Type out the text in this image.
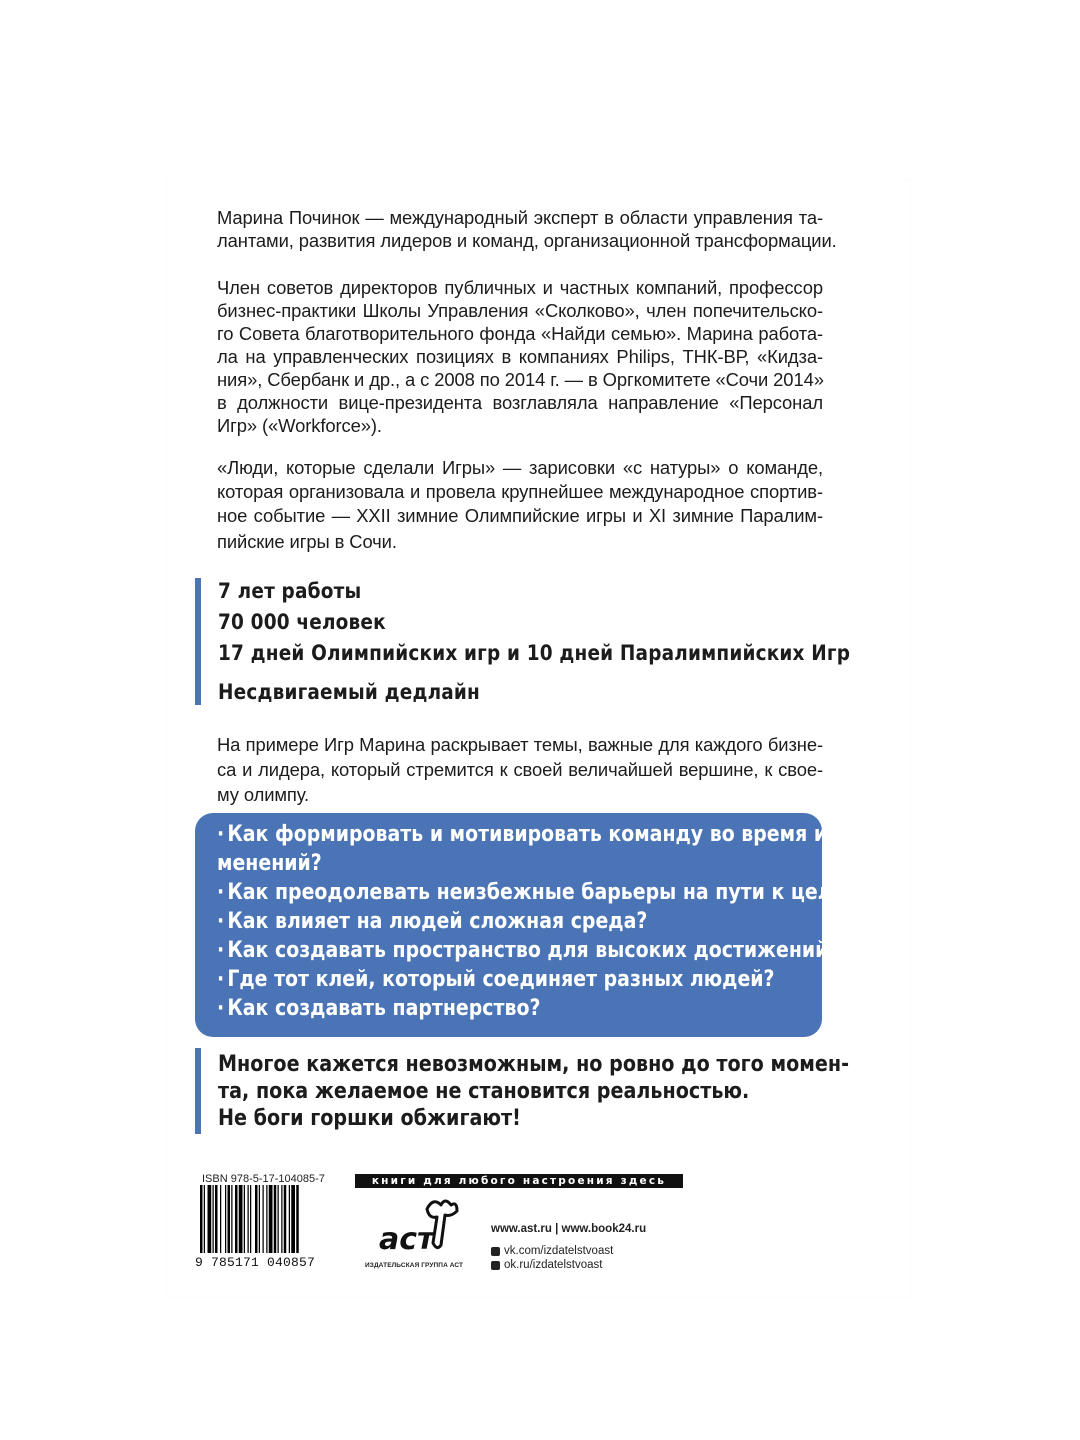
Марина Починок — международный эксперт в области управления та-
лантами, развития лидеров и команд, организационной трансформации.

Член советов директоров публичных и частных компаний, профессор
бизнес-практики Школы Управления «Сколково», член попечительско-
го Совета благотворительного фонда «Найди семью». Марина работа-
ла на управленческих позициях в компаниях Philips, ТНК-ВР, «Кидза-
ния», Сбербанк и др., а с 2008 по 2014 г. — в Оргкомитете «Сочи 2014»
в должности вице-президента возглавляла направление «Персонал
Игр» («Workforce»).

«Люди, которые сделали Игры» — зарисовки «с натуры» о команде,
которая организовала и провела крупнейшее международное спортив-
ное событие — XXII зимние Олимпийские игры и XI зимние Паралим-
пийские игры в Сочи.

7 лет работы
70 000 человек
17 дней Олимпийских игр и 10 дней Паралимпийских Игр
Несдвигаемый дедлайн

На примере Игр Марина раскрывает темы, важные для каждого бизне-
са и лидера, который стремится к своей величайшей вершине, к свое-
му олимпу.

· Как формировать и мотивировать команду во время из-
менений?
· Как преодолевать неизбежные барьеры на пути к цели?
· Как влияет на людей сложная среда?
· Как создавать пространство для высоких достижений?
· Где тот клей, который соединяет разных людей?
· Как создавать партнерство?
Многое кажется невозможным, но ровно до того момен-
та, пока желаемое не становится реальностью.
Не боги горшки обжигают!
ISBN 978-5-17-104085-7
9 785171 040857
книги для любого настроения здесь
аст
ИЗДАТЕЛЬСКАЯ ГРУППА АСТ
www.ast.ru | www.book24.ru
vk.com/izdatelstvoast
ok.ru/izdatelstvoast
